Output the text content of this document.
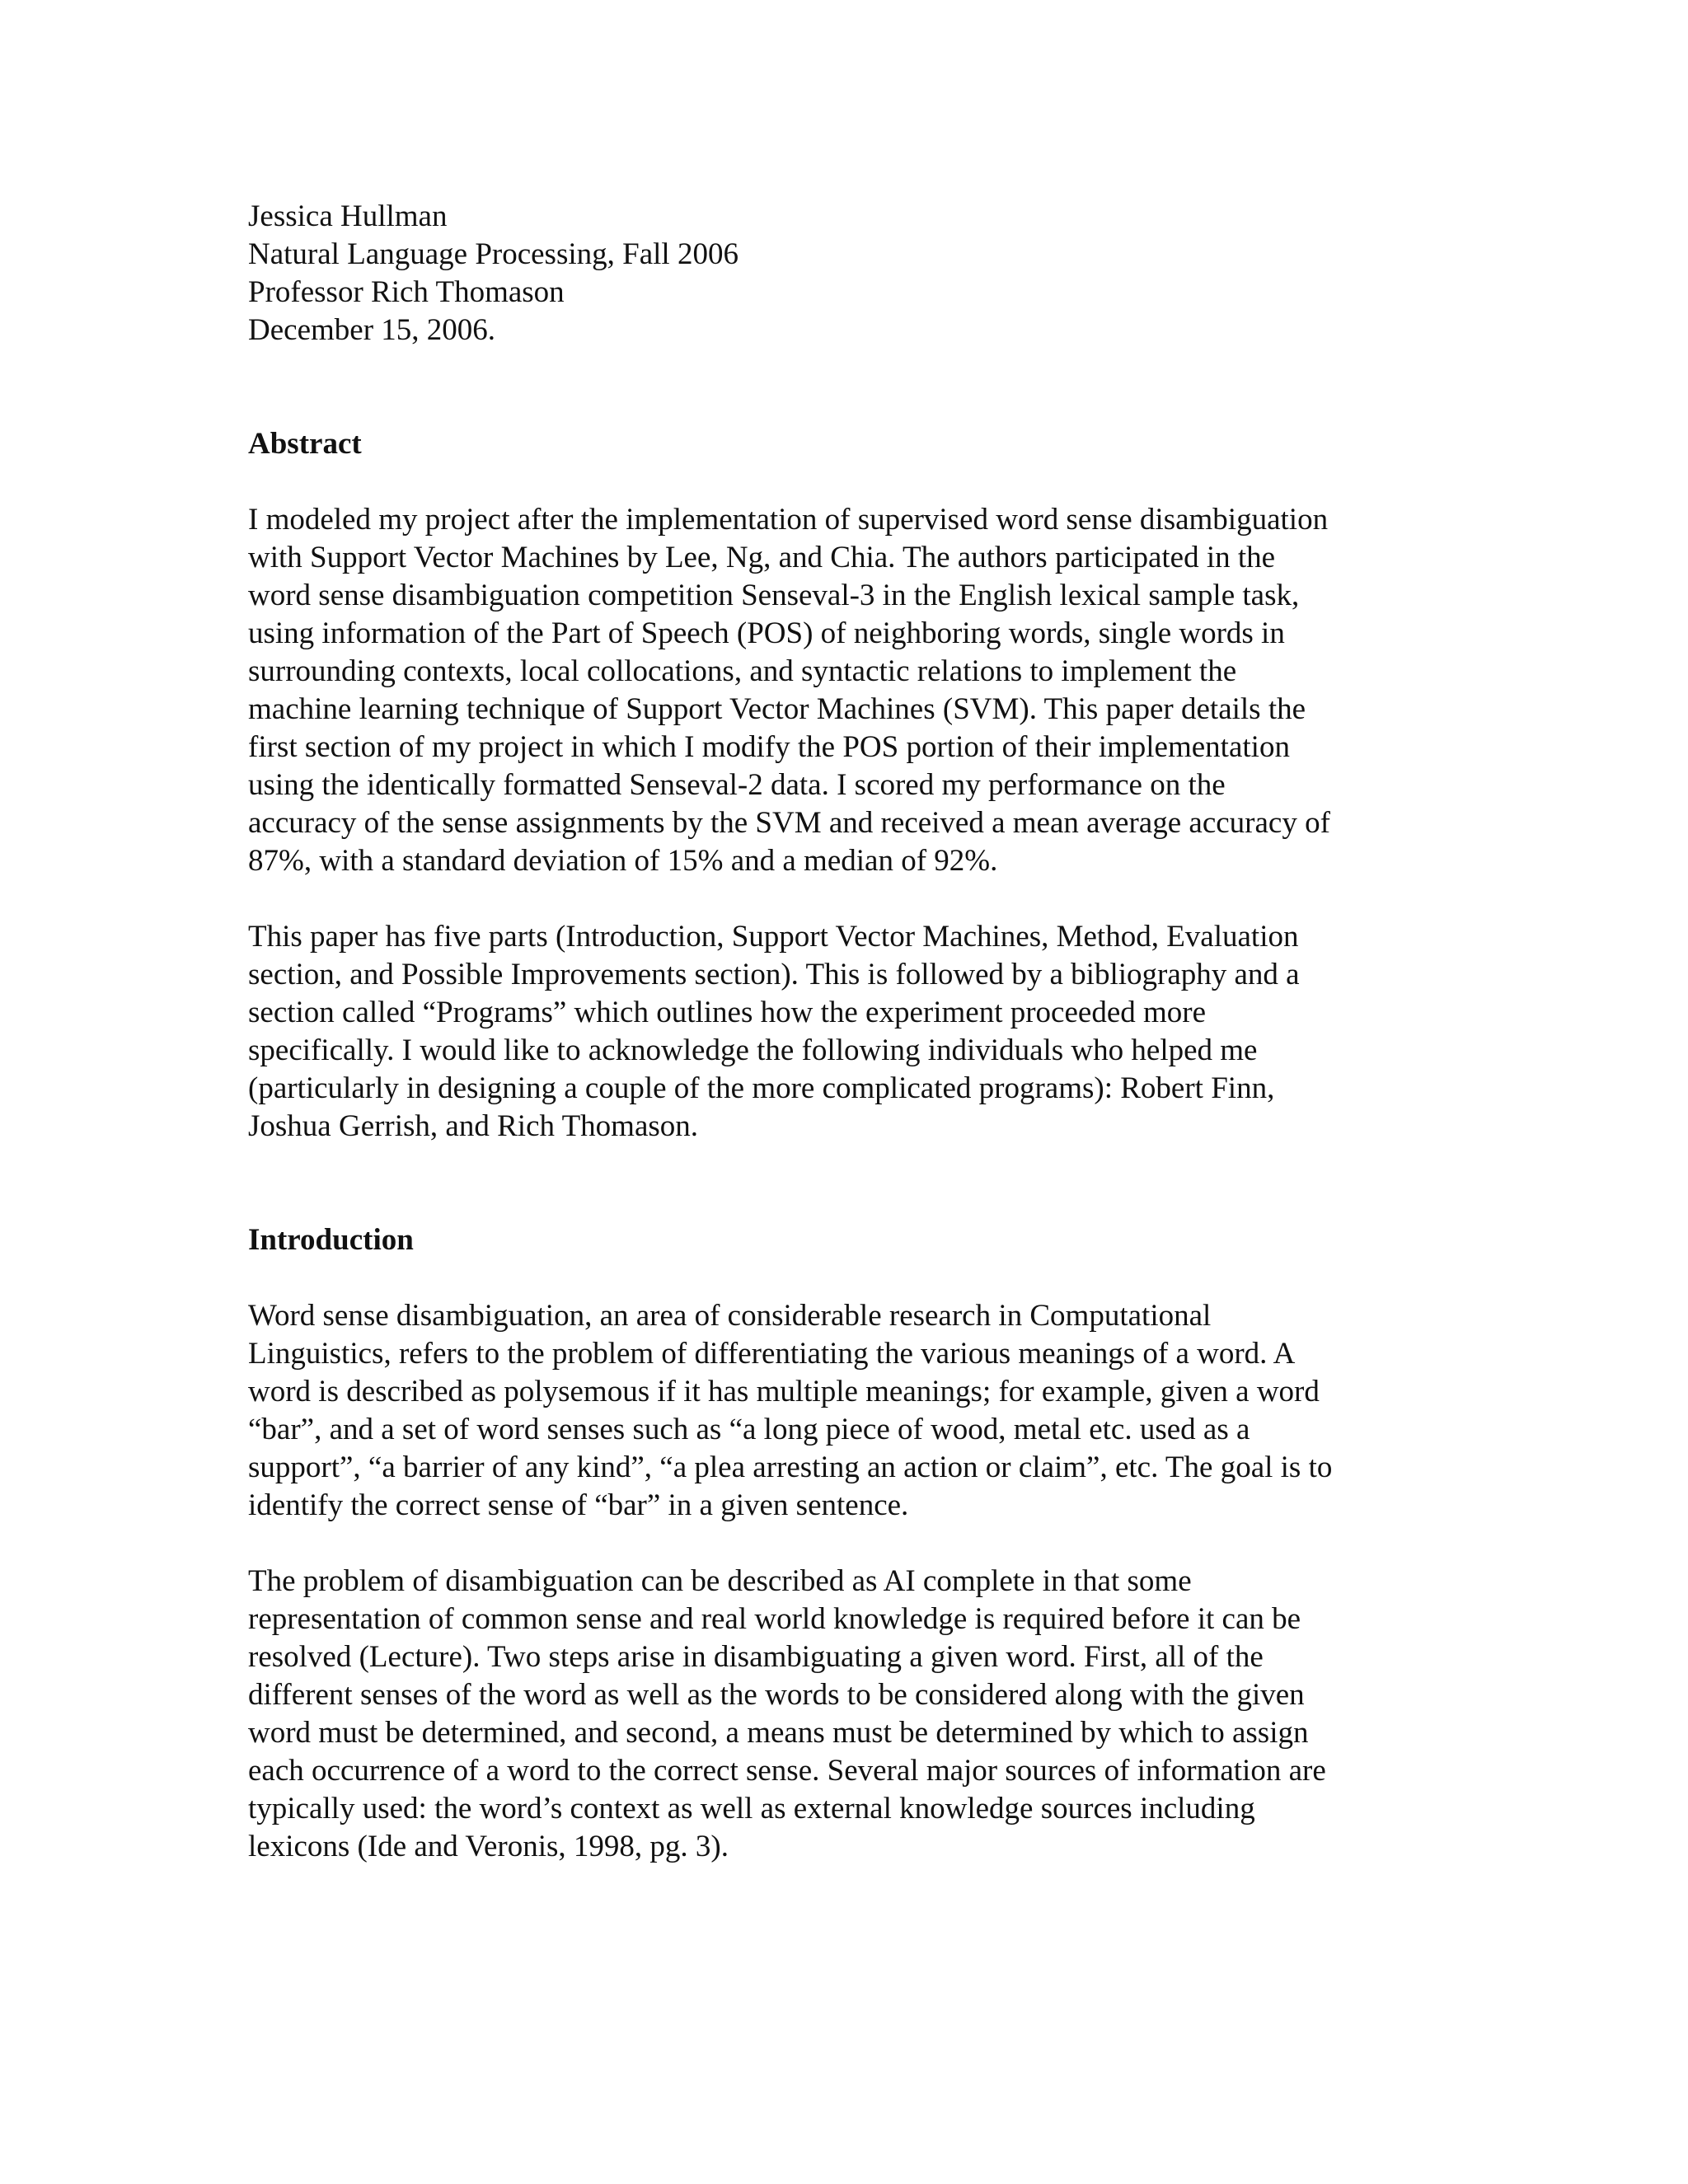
Jessica Hullman
Natural Language Processing, Fall 2006
Professor Rich Thomason
December 15, 2006.
Abstract
I modeled my project after the implementation of supervised word sense disambiguation
with Support Vector Machines by Lee, Ng, and Chia. The authors participated in the
word sense disambiguation competition Senseval-3 in the English lexical sample task,
using information of the Part of Speech (POS) of neighboring words, single words in
surrounding contexts, local collocations, and syntactic relations to implement the
machine learning technique of Support Vector Machines (SVM). This paper details the
first section of my project in which I modify the POS portion of their implementation
using the identically formatted Senseval-2 data. I scored my performance on the
accuracy of the sense assignments by the SVM and received a mean average accuracy of
87%, with a standard deviation of 15% and a median of 92%.
This paper has five parts (Introduction, Support Vector Machines, Method, Evaluation
section, and Possible Improvements section). This is followed by a bibliography and a
section called “Programs” which outlines how the experiment proceeded more
specifically. I would like to acknowledge the following individuals who helped me
(particularly in designing a couple of the more complicated programs): Robert Finn,
Joshua Gerrish, and Rich Thomason.
Introduction
Word sense disambiguation, an area of considerable research in Computational
Linguistics, refers to the problem of differentiating the various meanings of a word. A
word is described as polysemous if it has multiple meanings; for example, given a word
“bar”, and a set of word senses such as “a long piece of wood, metal etc. used as a
support”, “a barrier of any kind”, “a plea arresting an action or claim”, etc. The goal is to
identify the correct sense of “bar” in a given sentence.
The problem of disambiguation can be described as AI complete in that some
representation of common sense and real world knowledge is required before it can be
resolved (Lecture). Two steps arise in disambiguating a given word. First, all of the
different senses of the word as well as the words to be considered along with the given
word must be determined, and second, a means must be determined by which to assign
each occurrence of a word to the correct sense. Several major sources of information are
typically used: the word’s context as well as external knowledge sources including
lexicons (Ide and Veronis, 1998, pg. 3).
